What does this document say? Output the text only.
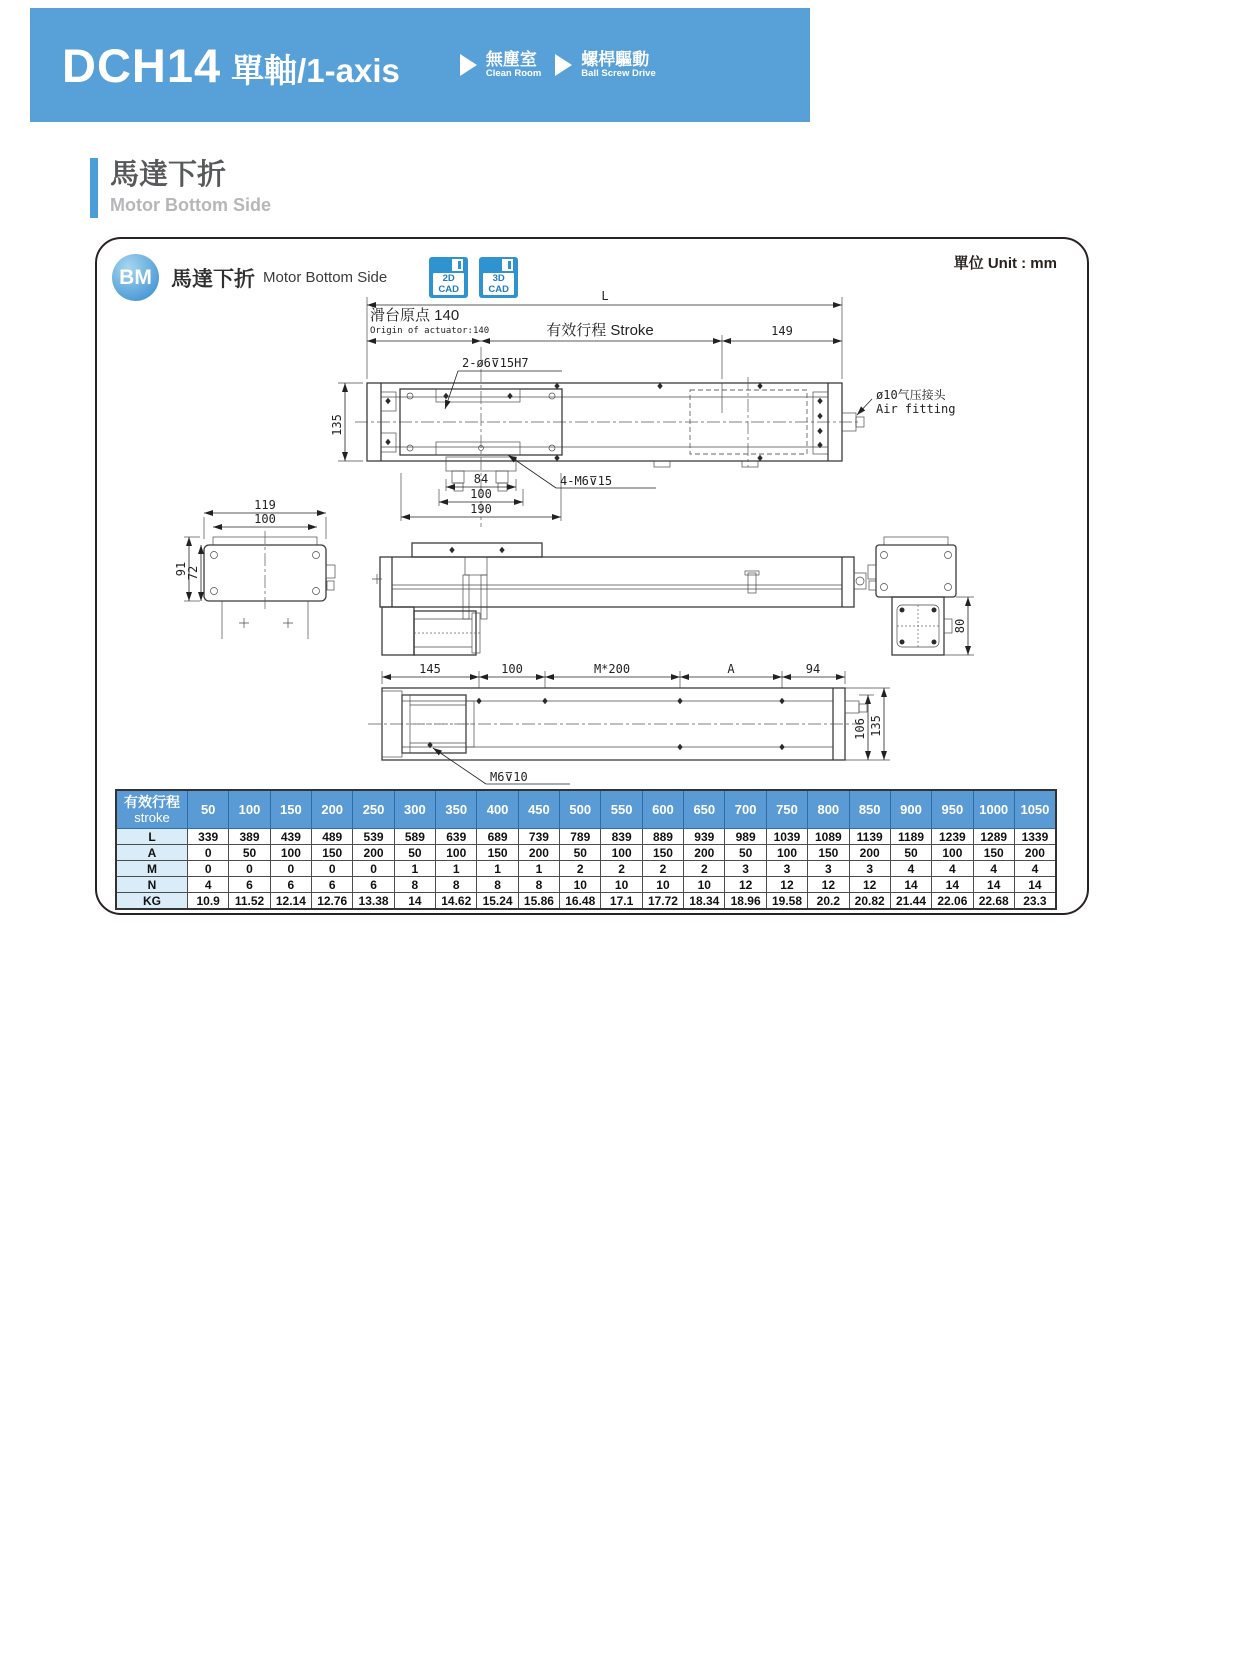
DCH14 單軸/1-axis	無塵室
Clean Room
螺桿驅動
Ball Screw Drive
馬達下折
Motor Bottom Side
BM 馬達下折 Motor Bottom Side	2D
CAD
3D
CAD
單位 Unit : mm
ø10气压接头
Air fitting
L
滑台原点 140
Origin of actuator:140	有效行程 Stroke	149
2-ø6⊽15H7
135
84
100
190
4-M6⊽15
119
100
91
72
80
145	100	M*200	A	94
M6⊽10
106 135
有效行程
stroke	50	100	150	200	250	300	350	400	450	500	550	600	650	700	750	800	850	900	950	1000	1050
L	339	389	439	489	539	589	639	689	739	789	839	889	939	989	1039	1089	1139	1189	1239	1289	1339
A	0	50	100	150	200	50	100	150	200	50	100	150	200	50	100	150	200	50	100	150	200
M	0	0	0	0	0	1	1	1	1	2	2	2	2	3	3	3	3	4	4	4	4
N	4	6	6	6	6	8	8	8	8	10	10	10	10	12	12	12	12	14	14	14	14
KG	10.9	11.52	12.14	12.76	13.38	14	14.62	15.24	15.86	16.48	17.1	17.72	18.34	18.96	19.58	20.2	20.82	21.44	22.06	22.68	23.3
